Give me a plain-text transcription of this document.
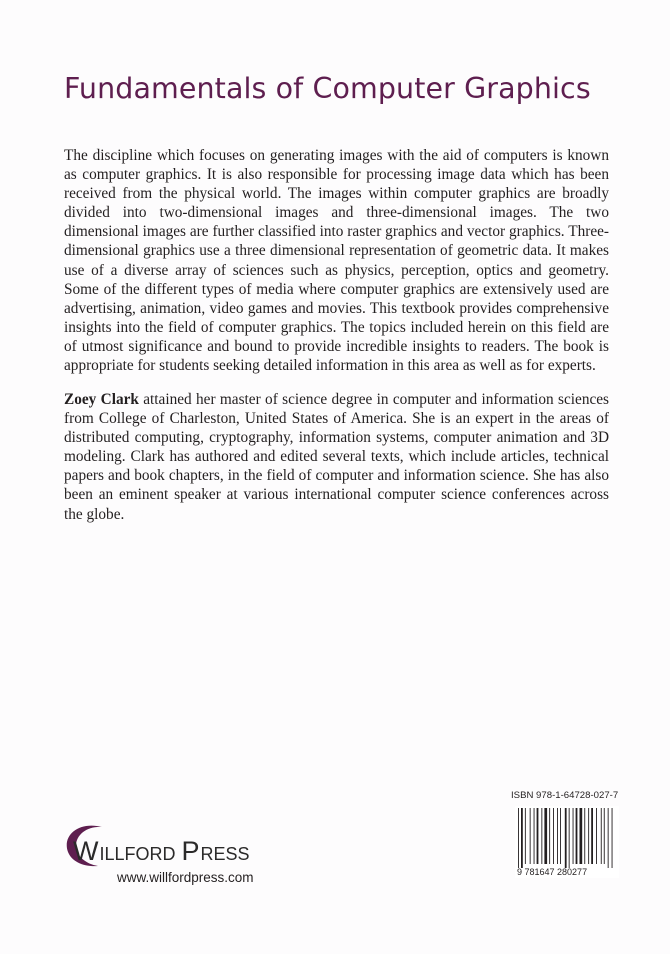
Fundamentals of Computer Graphics

The discipline which focuses on generating images with the aid of computers is known as computer graphics. It is also responsible for processing image data which has been received from the physical world. The images within computer graphics are broadly divided into two-dimensional images and three-dimensional images. The two dimensional images are further classified into raster graphics and vector graphics. Three-dimensional graphics use a three dimensional representation of geometric data. It makes use of a diverse array of sciences such as physics, perception, optics and geometry. Some of the different types of media where computer graphics are extensively used are advertising, animation, video games and movies. This textbook provides comprehensive insights into the field of computer graphics. The topics included herein on this field are of utmost significance and bound to provide incredible insights to readers. The book is appropriate for students seeking detailed information in this area as well as for experts.

Zoey Clark attained her master of science degree in computer and information sciences from College of Charleston, United States of America. She is an expert in the areas of distributed computing, cryptography, information systems, computer animation and 3D modeling. Clark has authored and edited several texts, which include articles, technical papers and book chapters, in the field of computer and information science. She has also been an eminent speaker at various international computer science conferences across the globe.

ISBN 978-1-64728-027-7
9 781647 280277
WILLFORD PRESS
www.willfordpress.com
